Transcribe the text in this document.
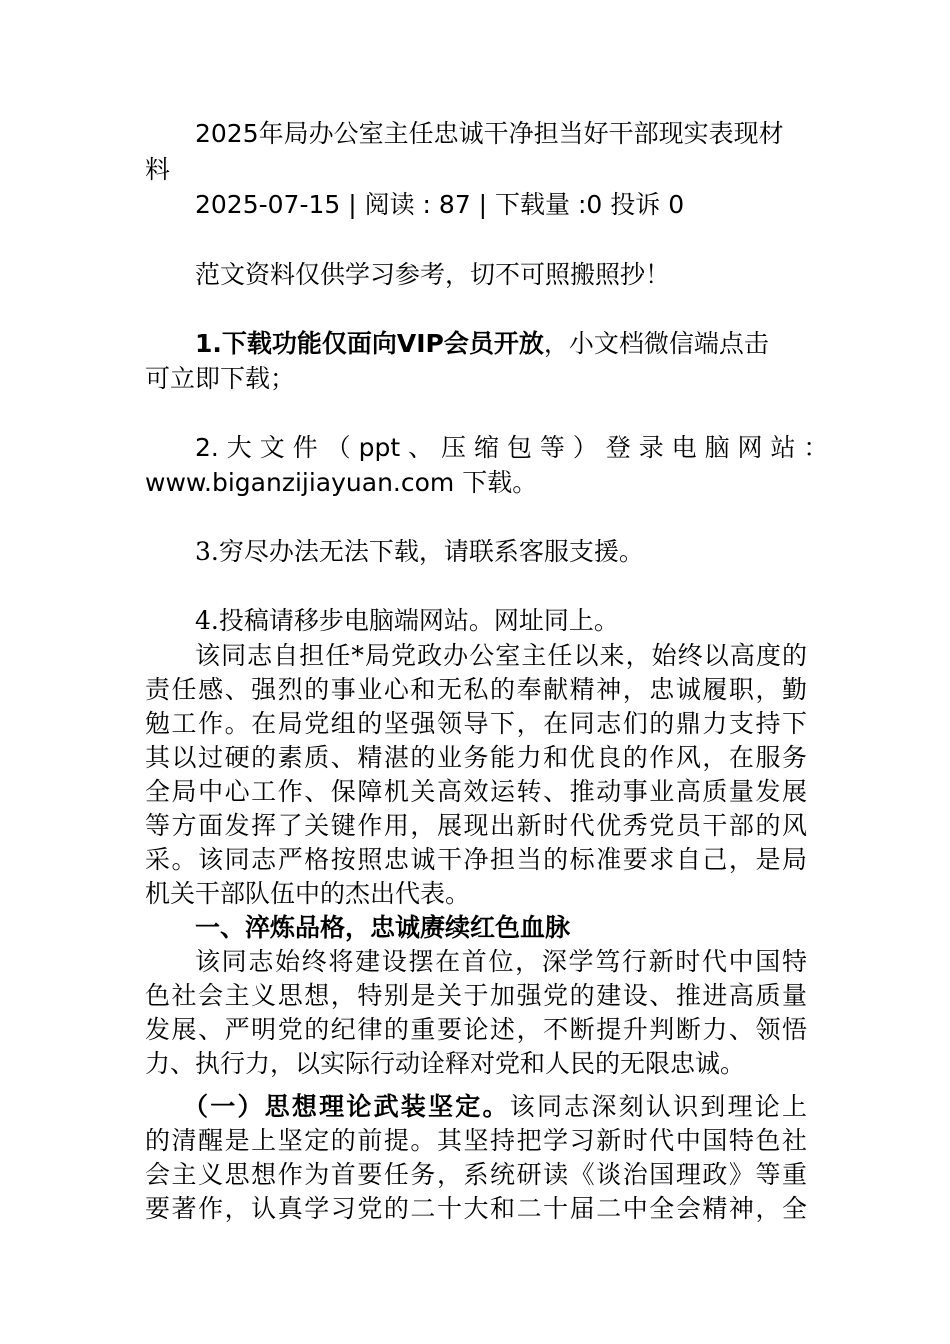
2025年局办公室主任忠诚干净担当好干部现实表现材
料
2025-07-15 | 阅读 : 87 | 下载量 :0 投诉 0
范文资料仅供学习参考，切不可照搬照抄！
1.下载功能仅面向VIP会员开放，小文档微信端点击
可立即下载；
2. 大 文 件 （ ppt 、 压 缩 包 等 ） 登 录 电 脑 网 站 ：
www.biganzijiayuan.com 下载。
3.穷尽办法无法下载，请联系客服支援。
4.投稿请移步电脑端网站。网址同上。
该同志自担任*局党政办公室主任以来，始终以高度的
责任感、强烈的事业心和无私的奉献精神，忠诚履职，勤
勉工作。在局党组的坚强领导下，在同志们的鼎力支持下
其以过硬的素质、精湛的业务能力和优良的作风，在服务
全局中心工作、保障机关高效运转、推动事业高质量发展
等方面发挥了关键作用，展现出新时代优秀党员干部的风
采。该同志严格按照忠诚干净担当的标准要求自己，是局
机关干部队伍中的杰出代表。
一、淬炼品格，忠诚赓续红色血脉
该同志始终将建设摆在首位，深学笃行新时代中国特
色社会主义思想，特别是关于加强党的建设、推进高质量
发展、严明党的纪律的重要论述，不断提升判断力、领悟
力、执行力，以实际行动诠释对党和人民的无限忠诚。
（一）思想理论武装坚定。该同志深刻认识到理论上
的清醒是上坚定的前提。其坚持把学习新时代中国特色社
会主义思想作为首要任务，系统研读《谈治国理政》等重
要著作，认真学习党的二十大和二十届二中全会精神，全
